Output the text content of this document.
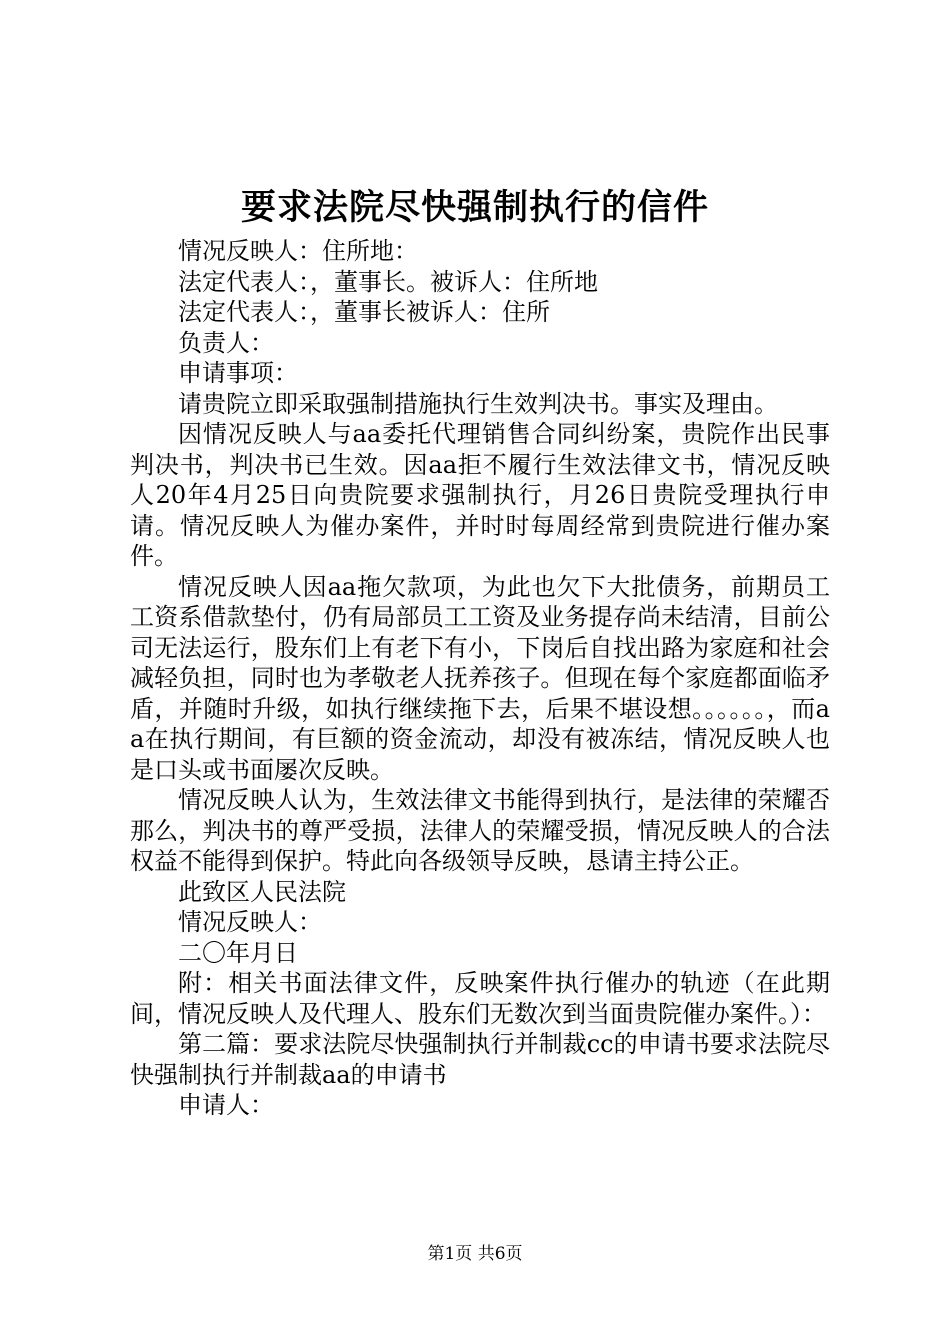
要求法院尽快强制执行的信件

情况反映人：住所地：

法定代表人：，董事长。被诉人：住所地

法定代表人：，董事长被诉人：住所

负责人：

申请事项：

请贵院立即采取强制措施执行生效判决书。事实及理由。

因情况反映人与aa委托代理销售合同纠纷案，贵院作出民事判决书，判决书已生效。因aa拒不履行生效法律文书，情况反映人20年4月25日向贵院要求强制执行，月26日贵院受理执行申请。情况反映人为催办案件，并时时每周经常到贵院进行催办案件。

情况反映人因aa拖欠款项，为此也欠下大批债务，前期员工工资系借款垫付，仍有局部员工工资及业务提存尚未结清，目前公司无法运行，股东们上有老下有小，下岗后自找出路为家庭和社会减轻负担，同时也为孝敬老人抚养孩子。但现在每个家庭都面临矛盾，并随时升级，如执行继续拖下去，后果不堪设想。。。。。。，而aa在执行期间，有巨额的资金流动，却没有被冻结，情况反映人也是口头或书面屡次反映。

情况反映人认为，生效法律文书能得到执行，是法律的荣耀否那么，判决书的尊严受损，法律人的荣耀受损，情况反映人的合法权益不能得到保护。特此向各级领导反映，恳请主持公正。

此致区人民法院

情况反映人：

二〇年月日

附：相关书面法律文件，反映案件执行催办的轨迹（在此期间，情况反映人及代理人、股东们无数次到当面贵院催办案件。）：

第二篇：要求法院尽快强制执行并制裁cc的申请书要求法院尽快强制执行并制裁aa的申请书

申请人：

第1页 共6页
